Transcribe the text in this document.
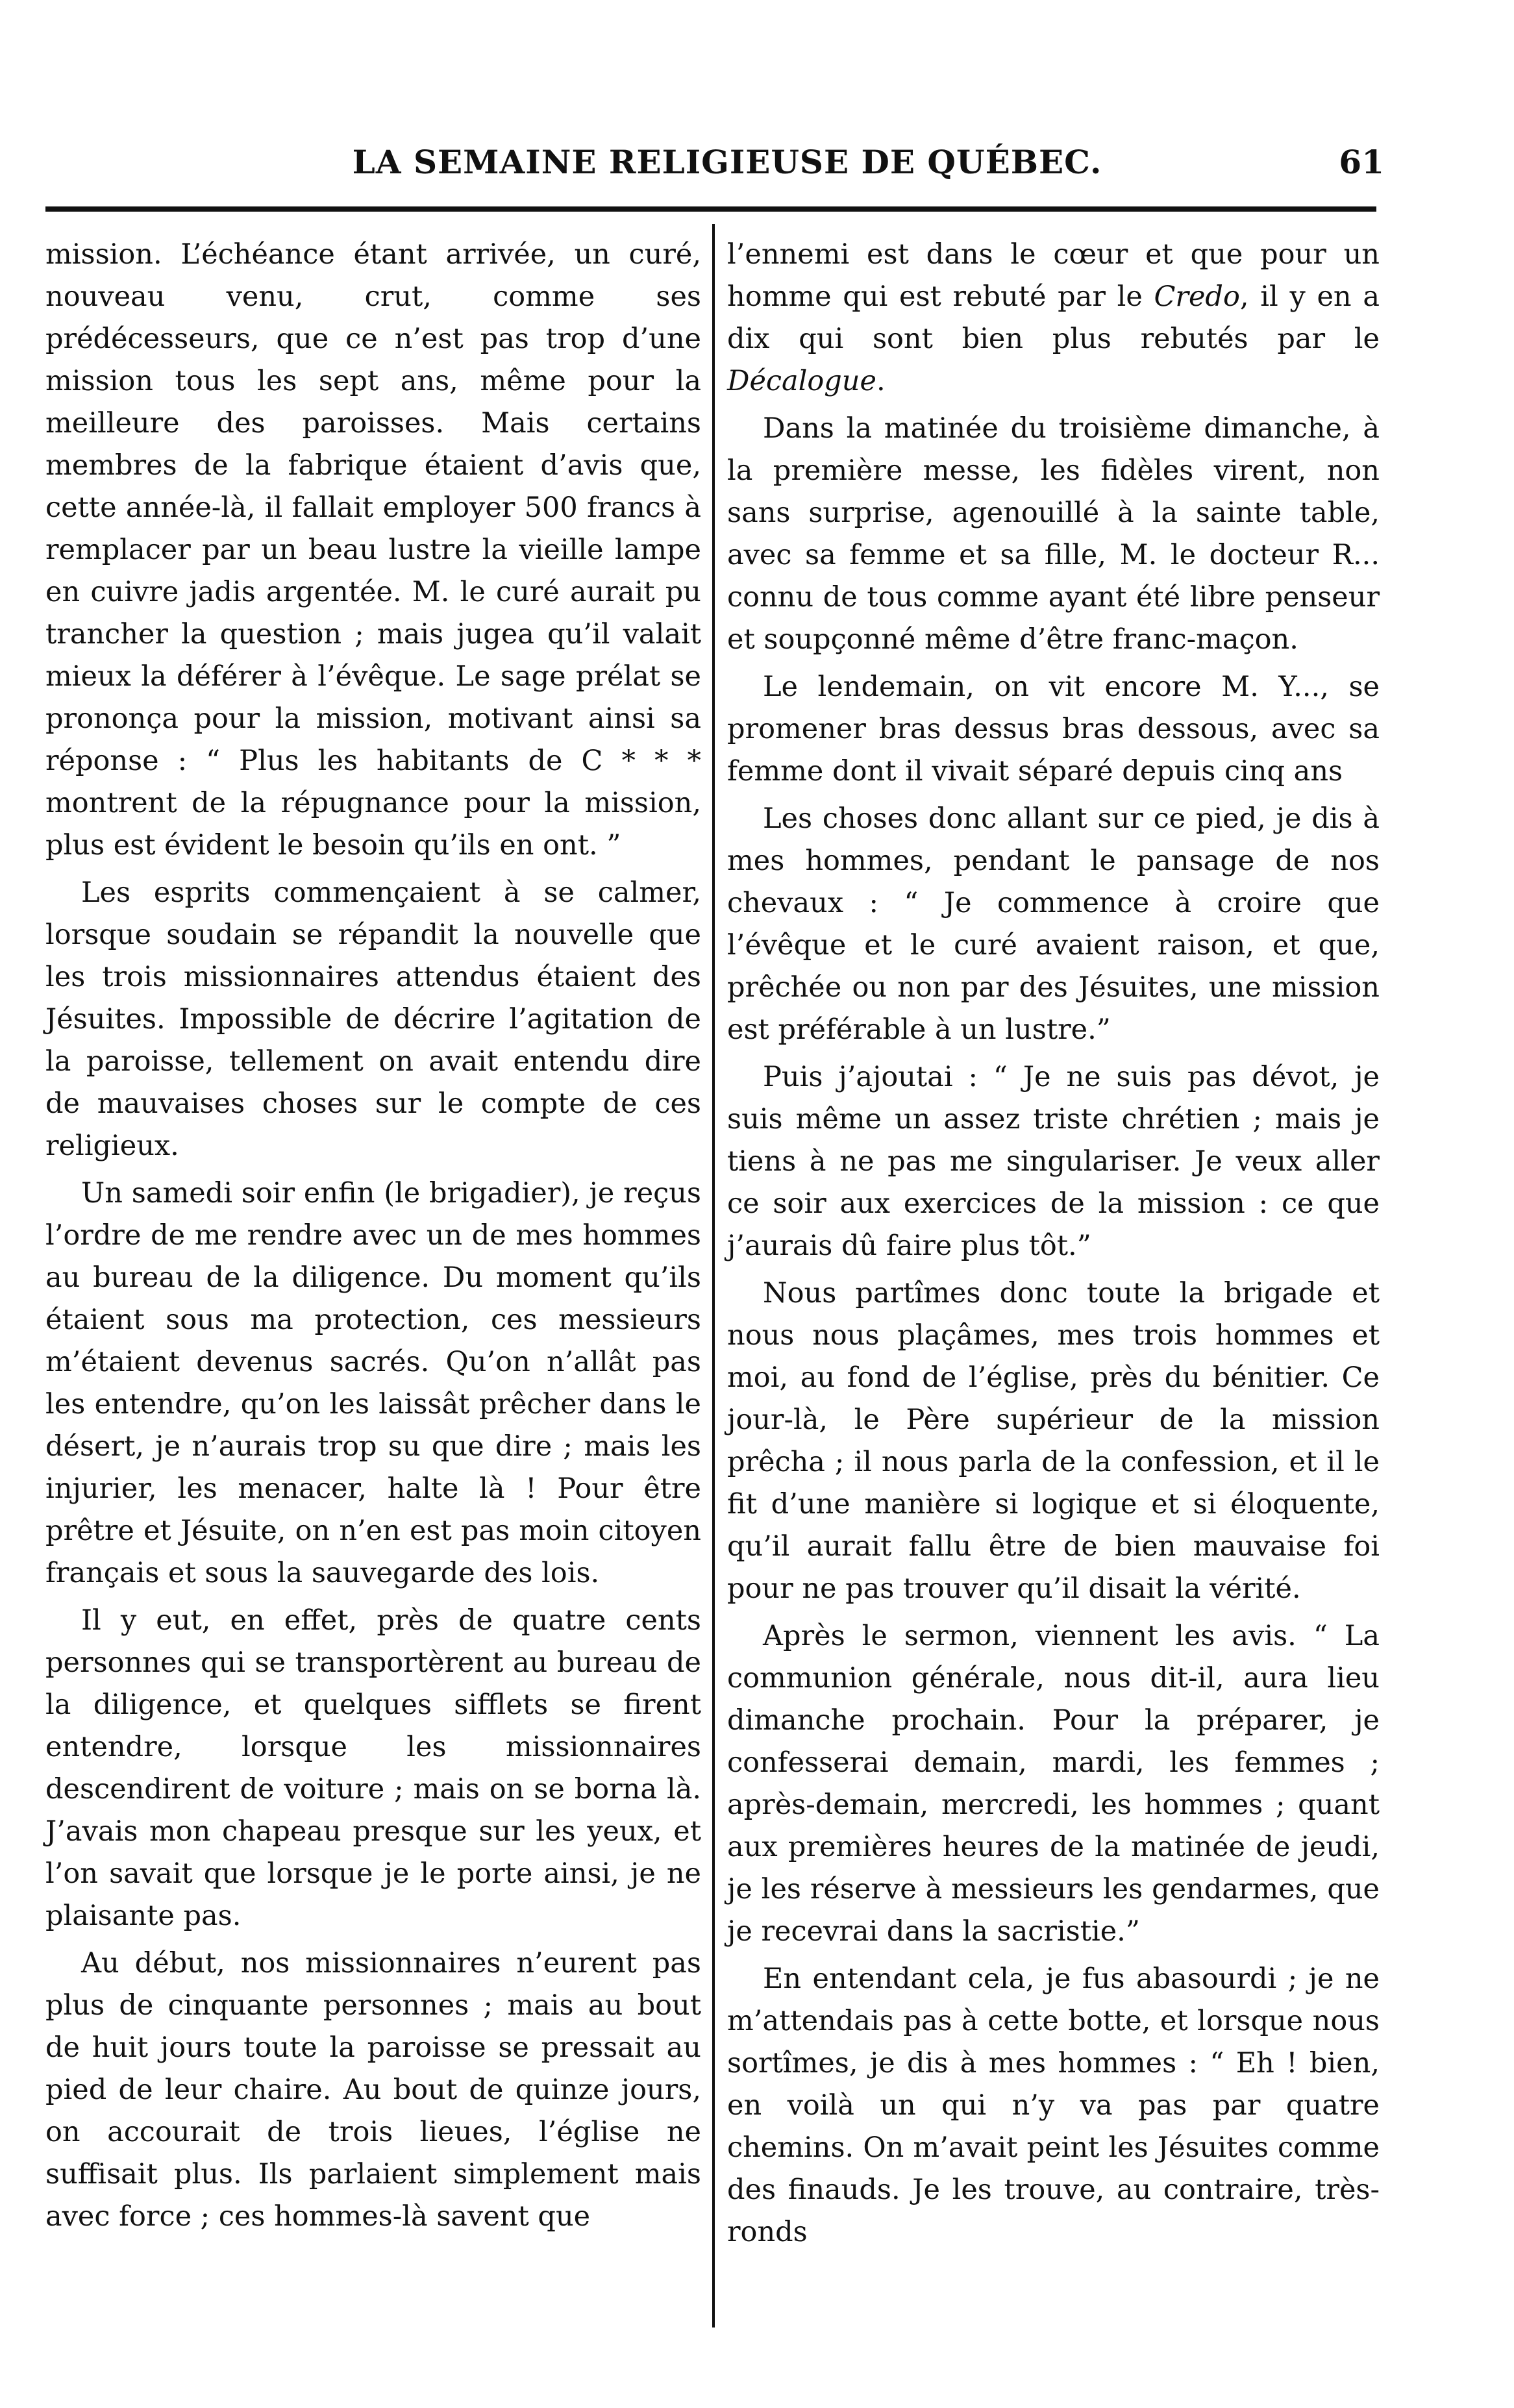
LA SEMAINE RELIGIEUSE DE QUÉBEC.	61

mission. L’échéance étant arrivée, un curé, nouveau venu, crut, comme ses prédécesseurs, que ce n’est pas trop d’une mission tous les sept ans, même pour la meilleure des paroisses. Mais certains membres de la fabrique étaient d’avis que, cette année-là, il fallait employer 500 francs à remplacer par un beau lustre la vieille lampe en cuivre jadis argentée. M. le curé aurait pu trancher la question ; mais jugea qu’il valait mieux la déférer à l’évêque. Le sage prélat se prononça pour la mission, motivant ainsi sa réponse : “ Plus les habitants de C * * * montrent de la répugnance pour la mission, plus est évident le besoin qu’ils en ont. ”

Les esprits commençaient à se calmer, lorsque soudain se répandit la nouvelle que les trois missionnaires attendus étaient des Jésuites. Impossible de décrire l’agitation de la paroisse, tellement on avait entendu dire de mauvaises choses sur le compte de ces religieux.

Un samedi soir enfin (le brigadier), je reçus l’ordre de me rendre avec un de mes hommes au bureau de la diligence. Du moment qu’ils étaient sous ma protection, ces messieurs m’étaient devenus sacrés. Qu’on n’allât pas les entendre, qu’on les laissât prêcher dans le désert, je n’aurais trop su que dire ; mais les injurier, les menacer, halte là ! Pour être prêtre et Jésuite, on n’en est pas moin citoyen français et sous la sauvegarde des lois.

Il y eut, en effet, près de quatre cents personnes qui se transportèrent au bureau de la diligence, et quelques sifflets se firent entendre, lorsque les missionnaires descendirent de voiture ; mais on se borna là. J’avais mon chapeau presque sur les yeux, et l’on savait que lorsque je le porte ainsi, je ne plaisante pas.

Au début, nos missionnaires n’eurent pas plus de cinquante personnes ; mais au bout de huit jours toute la paroisse se pressait au pied de leur chaire. Au bout de quinze jours, on accourait de trois lieues, l’église ne suffisait plus. Ils parlaient simplement mais avec force ; ces hommes-là savent que

l’ennemi est dans le cœur et que pour un homme qui est rebuté par le Credo, il y en a dix qui sont bien plus rebutés par le Décalogue.

Dans la matinée du troisième dimanche, à la première messe, les fidèles virent, non sans surprise, agenouillé à la sainte table, avec sa femme et sa fille, M. le docteur R... connu de tous comme ayant été libre penseur et soupçonné même d’être franc-maçon.

Le lendemain, on vit encore M. Y..., se promener bras dessus bras dessous, avec sa femme dont il vivait séparé depuis cinq ans

Les choses donc allant sur ce pied, je dis à mes hommes, pendant le pansage de nos chevaux : “ Je commence à croire que l’évêque et le curé avaient raison, et que, prêchée ou non par des Jésuites, une mission est préférable à un lustre.”

Puis j’ajoutai : “ Je ne suis pas dévot, je suis même un assez triste chrétien ; mais je tiens à ne pas me singulariser. Je veux aller ce soir aux exercices de la mission : ce que j’aurais dû faire plus tôt.”

Nous partîmes donc toute la brigade et nous nous plaçâmes, mes trois hommes et moi, au fond de l’église, près du bénitier. Ce jour-là, le Père supérieur de la mission prêcha ; il nous parla de la confession, et il le fit d’une manière si logique et si éloquente, qu’il aurait fallu être de bien mauvaise foi pour ne pas trouver qu’il disait la vérité.

Après le sermon, viennent les avis. “ La communion générale, nous dit-il, aura lieu dimanche prochain. Pour la préparer, je confesserai demain, mardi, les femmes ; après-demain, mercredi, les hommes ; quant aux premières heures de la matinée de jeudi, je les réserve à messieurs les gendarmes, que je recevrai dans la sacristie.”

En entendant cela, je fus abasourdi ; je ne m’attendais pas à cette botte, et lorsque nous sortîmes, je dis à mes hommes : “ Eh ! bien, en voilà un qui n’y va pas par quatre chemins. On m’avait peint les Jésuites comme des finauds. Je les trouve, au contraire, très-ronds
